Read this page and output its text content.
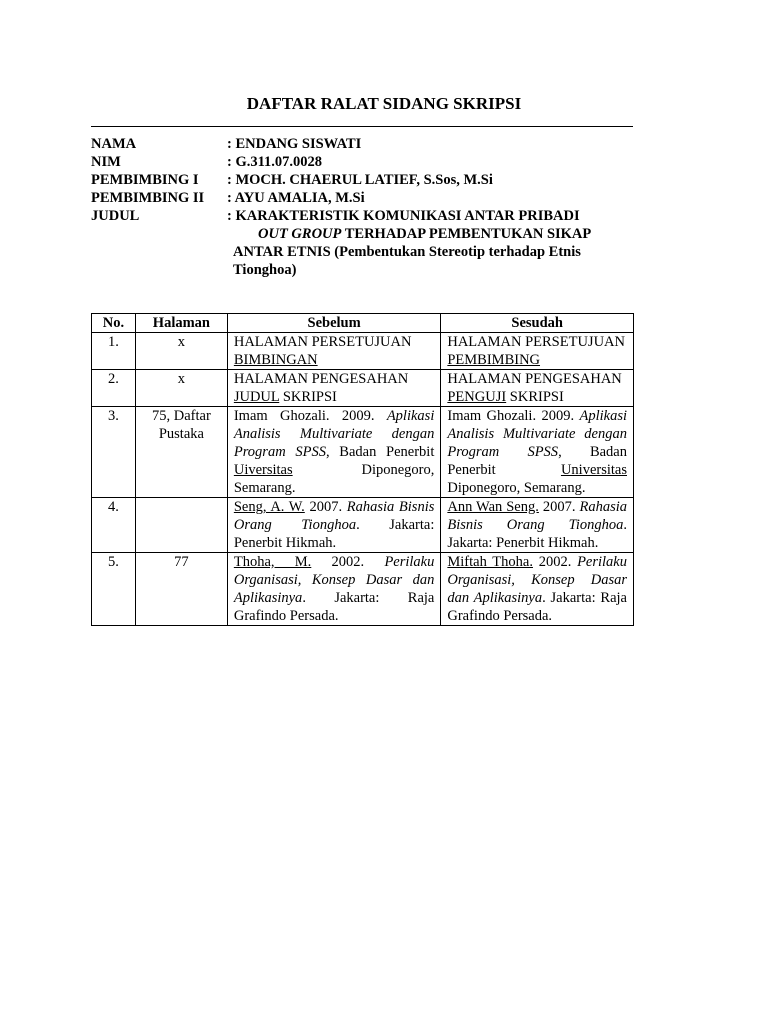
DAFTAR RALAT SIDANG SKRIPSI
NAMA	: ENDANG SISWATI
NIM	: G.311.07.0028
PEMBIMBING I : MOCH. CHAERUL LATIEF, S.Sos, M.Si
PEMBIMBING II : AYU AMALIA, M.Si
JUDUL	: KARAKTERISTIK KOMUNIKASI ANTAR PRIBADI
OUT GROUP TERHADAP PEMBENTUKAN SIKAP
ANTAR ETNIS (Pembentukan Stereotip terhadap Etnis
Tionghoa)
No.	Halaman	Sebelum	Sesudah
1.	x	HALAMAN PERSETUJUAN BIMBINGAN	HALAMAN PERSETUJUAN PEMBIMBING
2.	x	HALAMAN PENGESAHAN JUDUL SKRIPSI	HALAMAN PENGESAHAN PENGUJI SKRIPSI
3.	75, Daftar Pustaka	Imam Ghozali. 2009. Aplikasi Analisis Multivariate dengan Program SPSS, Badan Penerbit Uiversitas Diponegoro, Semarang.	Imam Ghozali. 2009. Aplikasi Analisis Multivariate dengan Program SPSS, Badan Penerbit Universitas Diponegoro, Semarang.
4.		Seng, A. W. 2007. Rahasia Bisnis Orang Tionghoa. Jakarta: Penerbit Hikmah.	Ann Wan Seng. 2007. Rahasia Bisnis Orang Tionghoa. Jakarta: Penerbit Hikmah.
5.	77	Thoha, M. 2002. Perilaku Organisasi, Konsep Dasar dan Aplikasinya. Jakarta: Raja Grafindo Persada.	Miftah Thoha. 2002. Perilaku Organisasi, Konsep Dasar dan Aplikasinya. Jakarta: Raja Grafindo Persada.
